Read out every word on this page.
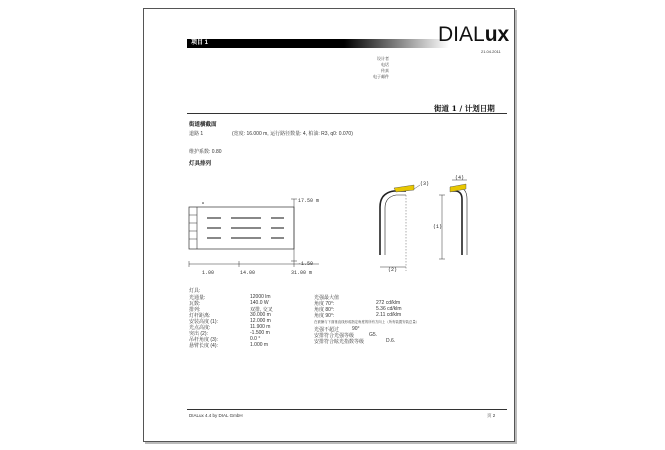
项目 1	DIALux
21.04.2011
设计者
电话
传真
电子邮件
街道 1 / 计划日期
街道横截面
道路 1	(宽度: 16.000 m, 运行路径数量: 4, 柏油: R3, q0: 0.070)
维护系数: 0.80
灯具排列
17.50 m
-1.50
1.00	14.00	31.00 m
(3)
(2)
(1)
(4)
灯具:
光通量:	12000 lm
瓦数:	140.0 W
排列:	双排, 交叉
灯杆距离:	30.000 m
安装高度 (1):	12.000 m
光点高度:	11.900 m
突出 (2):	-1.500 m
吊杆角度 (3):	0.0 °
悬臂长度 (4):	1.000 m
光强最大值
角度 70°:	272 cd/klm
角度 80°:	5.36 cd/klm
角度 90°:	2.11 cd/klm
在被操与下面垂直线形成指定角度的所有方向上（所有装置安装总量）
光强不超过	90°
安排符合光强等级	G5.
安排符合眩光指数等级	D.6.
DIALux 4.4 by DIAL GmbH	页 2
